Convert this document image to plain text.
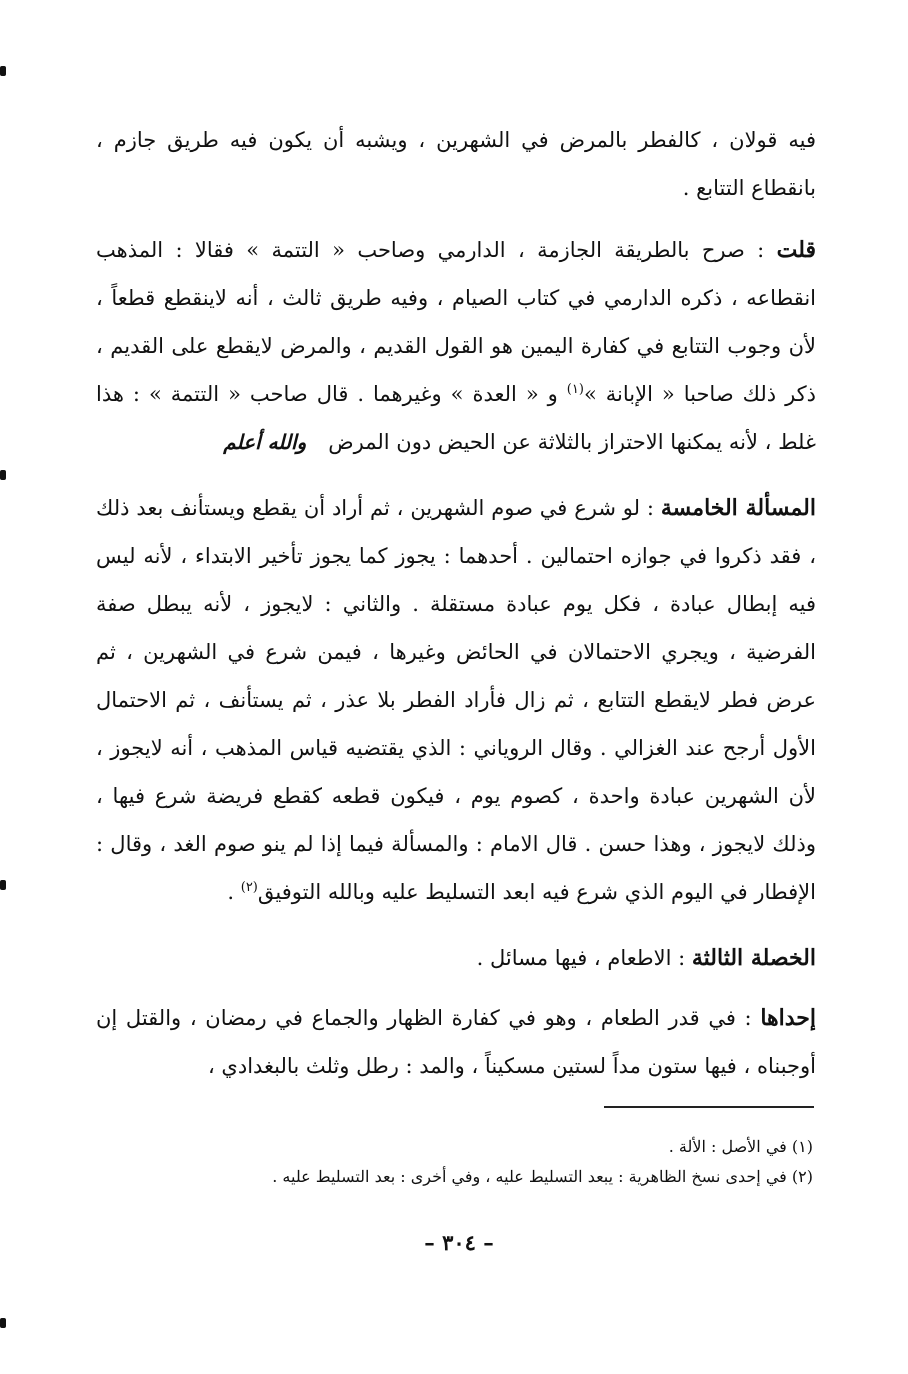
فيه قولان ، كالفطر بالمرض في الشهرين ، ويشبه أن يكون فيه طريق جازم ، بانقطاع التتابع .

قلت : صرح بالطريقة الجازمة ، الدارمي وصاحب « التتمة » فقالا : المذهب انقطاعه ، ذكره الدارمي في كتاب الصيام ، وفيه طريق ثالث ، أنه لاينقطع قطعاً ، لأن وجوب التتابع في كفارة اليمين هو القول القديم ، والمرض لايقطع على القديم ، ذكر ذلك صاحبا « الإبانة »$^{(١)}$ و « العدة » وغيرهما . قال صاحب « التتمة » : هذا غلط ، لأنه يمكنها الاحتراز بالثلاثة عن الحيض دون المرضوالله أعلم

المسألة الخامسة : لو شرع في صوم الشهرين ، ثم أراد أن يقطع ويستأنف بعد ذلك ، فقد ذكروا في جوازه احتمالين . أحدهما : يجوز كما يجوز تأخير الابتداء ، لأنه ليس فيه إبطال عبادة ، فكل يوم عبادة مستقلة . والثاني : لايجوز ، لأنه يبطل صفة الفرضية ، ويجري الاحتمالان في الحائض وغيرها ، فيمن شرع في الشهرين ، ثم عرض فطر لايقطع التتابع ، ثم زال فأراد الفطر بلا عذر ، ثم يستأنف ، ثم الاحتمال الأول أرجح عند الغزالي . وقال الروياني : الذي يقتضيه قياس المذهب ، أنه لايجوز ، لأن الشهرين عبادة واحدة ، كصوم يوم ، فيكون قطعه كقطع فريضة شرع فيها ، وذلك لايجوز ، وهذا حسن . قال الامام : والمسألة فيما إذا لم ينو صوم الغد ، وقال : الإفطار في اليوم الذي شرع فيه ابعد التسليط عليه وبالله التوفيق$^{(٢)}$ .

الخصلة الثالثة : الاطعام ، فيها مسائل .

إحداها : في قدر الطعام ، وهو في كفارة الظهار والجماع في رمضان ، والقتل إن أوجبناه ، فيها ستون مداً لستين مسكيناً ، والمد : رطل وثلث بالبغدادي ،

(١) في الأصل : الألة .

(٢) في إحدى نسخ الظاهرية : يبعد التسليط عليه ، وفي أخرى : بعد التسليط عليه .

– ٣٠٤ –
